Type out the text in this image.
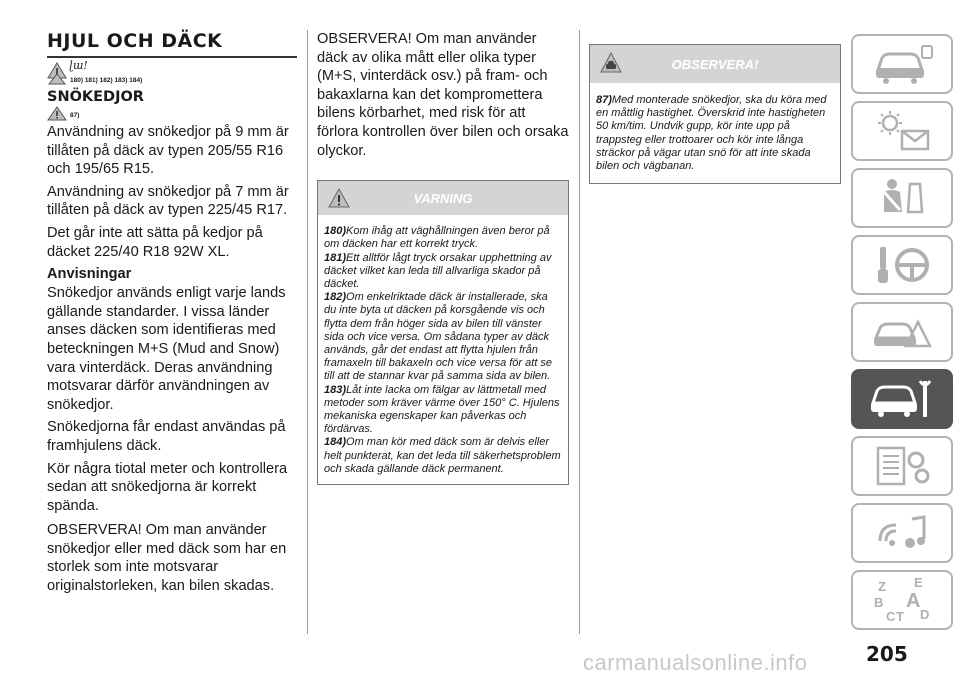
HJUL OCH DÄCK
ɭɯ!
180) 181) 182) 183) 184)
SNÖKEDJOR
87)

Användning av snökedjor på 9 mm är tillåten på däck av typen 205/55 R16 och 195/65 R15.

Användning av snökedjor på 7 mm är tillåten på däck av typen 225/45 R17.

Det går inte att sätta på kedjor på däcket 225/40 R18 92W XL.

Anvisningar

Snökedjor används enligt varje lands gällande standarder. I vissa länder anses däcken som identifieras med beteckningen M+S (Mud and Snow) vara vinterdäck. Deras användning motsvarar därför användningen av snökedjor.

Snökedjorna får endast användas på framhjulens däck.

Kör några tiotal meter och kontrollera sedan att snökedjorna är korrekt spända.

OBSERVERA! Om man använder snökedjor eller med däck som har en storlek som inte motsvarar originalstorleken, kan bilen skadas.

OBSERVERA! Om man använder däck av olika mått eller olika typer (M+S, vinterdäck osv.) på fram- och bakaxlarna kan det kompromettera bilens körbarhet, med risk för att förlora kontrollen över bilen och orsaka olyckor.

VARNING

180)Kom ihåg att väghållningen även beror på om däcken har ett korrekt tryck.

181)Ett alltför lågt tryck orsakar upphettning av däcket vilket kan leda till allvarliga skador på däcket.

182)Om enkelriktade däck är installerade, ska du inte byta ut däcken på korsgående vis och flytta dem från höger sida av bilen till vänster sida och vice versa. Om sådana typer av däck används, går det endast att flytta hjulen från framaxeln till bakaxeln och vice versa för att se till att de stannar kvar på samma sida av bilen.

183)Låt inte lacka om fälgar av lättmetall med metoder som kräver värme över 150° C. Hjulens mekaniska egenskaper kan påverkas och fördärvas.

184)Om man kör med däck som är delvis eller helt punkterat, kan det leda till säkerhetsproblem och skada gällande däck permanent.

OBSERVERA!

87)Med monterade snökedjor, ska du köra med en måttlig hastighet. Överskrid inte hastigheten 50 km/tim. Undvik gupp, kör inte upp på trappsteg eller trottoarer och kör inte långa sträckor på vägar utan snö för att inte skada bilen och vägbanan.

Z E
B A
C T D
carmanualsonline.info	205
